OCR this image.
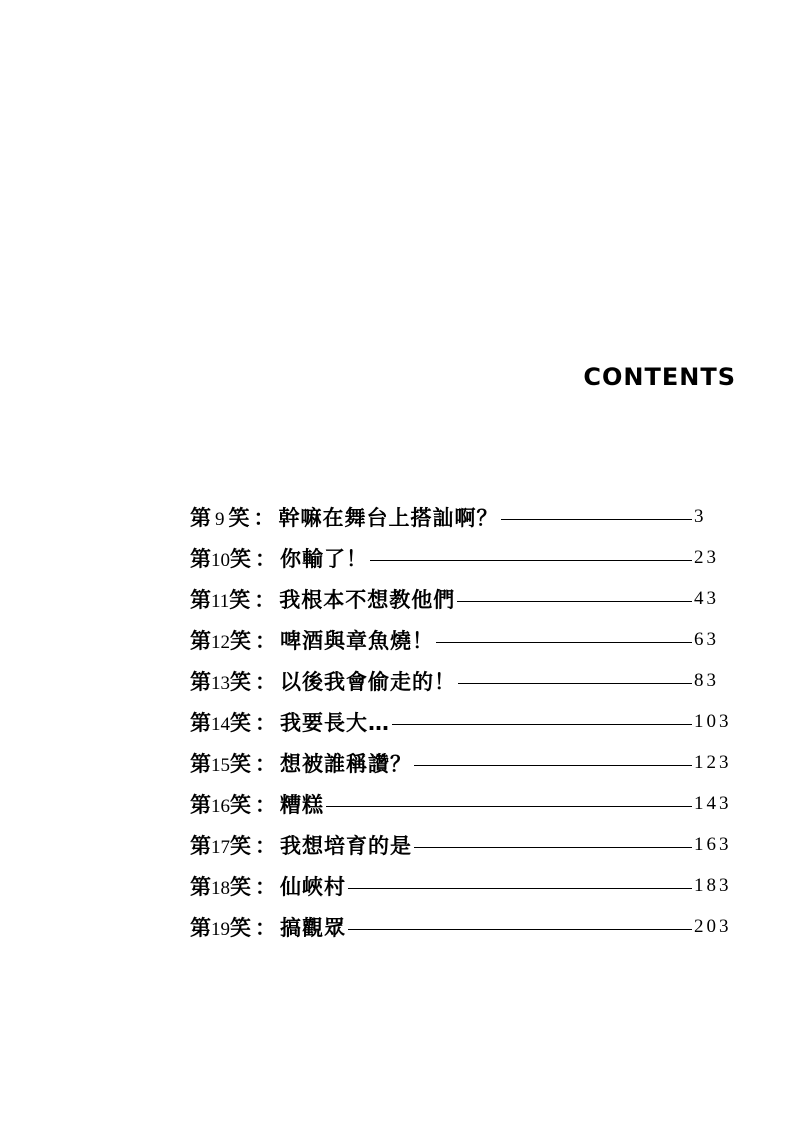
CONTENTS
第 9 笑 ： 幹嘛在舞台上搭訕啊？	3
第 10 笑 ： 你輸了！	23
第 11 笑 ： 我根本不想教他們	43
第 12 笑 ： 啤酒與章魚燒！	63
第 13 笑 ： 以後我會偷走的！	83
第 14 笑 ： 我要長大…	103
第 15 笑 ： 想被誰稱讚？	123
第 16 笑 ： 糟糕	143
第 17 笑 ： 我想培育的是	163
第 18 笑 ： 仙峽村	183
第 19 笑 ： 搞觀眾	203
